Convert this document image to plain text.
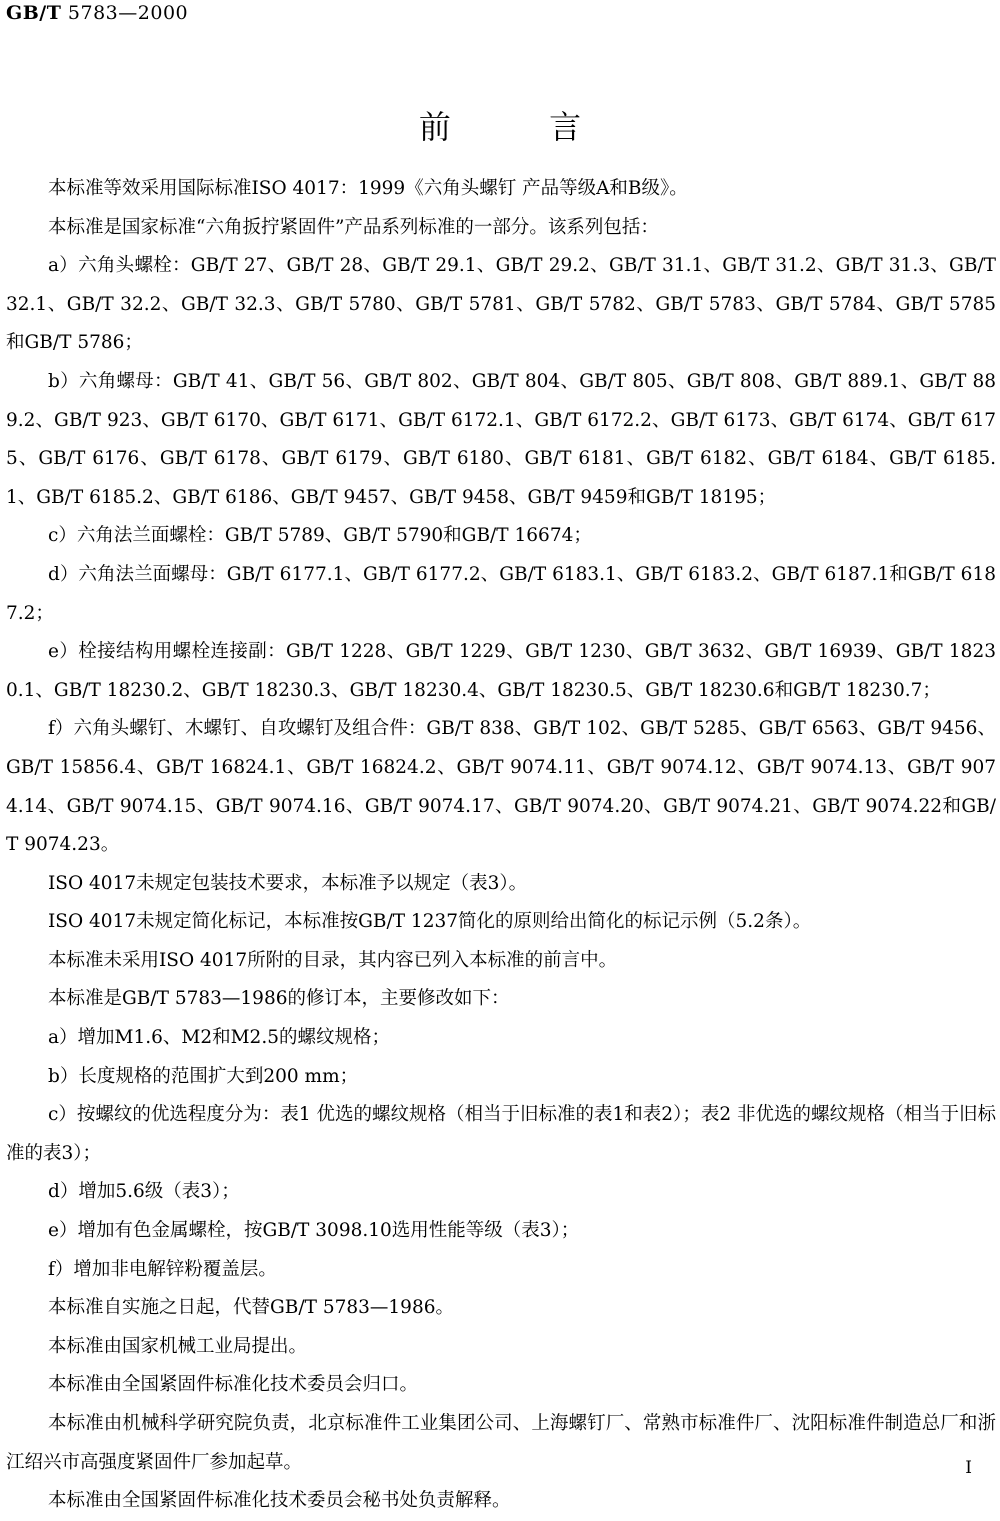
GB/T 5783—2000
前 言

本标准等效采用国际标准ISO 4017：1999《六角头螺钉 产品等级A和B级》。

本标准是国家标准“六角扳拧紧固件”产品系列标准的一部分。该系列包括：

a）六角头螺栓：GB/T 27、GB/T 28、GB/T 29.1、GB/T 29.2、GB/T 31.1、GB/T 31.2、GB/T 31.3、GB/T 32.1、GB/T 32.2、GB/T 32.3、GB/T 5780、GB/T 5781、GB/T 5782、GB/T 5783、GB/T 5784、GB/T 5785和GB/T 5786；

b）六角螺母：GB/T 41、GB/T 56、GB/T 802、GB/T 804、GB/T 805、GB/T 808、GB/T 889.1、GB/T 889.2、GB/T 923、GB/T 6170、GB/T 6171、GB/T 6172.1、GB/T 6172.2、GB/T 6173、GB/T 6174、GB/T 6175、GB/T 6176、GB/T 6178、GB/T 6179、GB/T 6180、GB/T 6181、GB/T 6182、GB/T 6184、GB/T 6185.1、GB/T 6185.2、GB/T 6186、GB/T 9457、GB/T 9458、GB/T 9459和GB/T 18195；

c）六角法兰面螺栓：GB/T 5789、GB/T 5790和GB/T 16674；

d）六角法兰面螺母：GB/T 6177.1、GB/T 6177.2、GB/T 6183.1、GB/T 6183.2、GB/T 6187.1和GB/T 6187.2；

e）栓接结构用螺栓连接副：GB/T 1228、GB/T 1229、GB/T 1230、GB/T 3632、GB/T 16939、GB/T 18230.1、GB/T 18230.2、GB/T 18230.3、GB/T 18230.4、GB/T 18230.5、GB/T 18230.6和GB/T 18230.7；

f）六角头螺钉、木螺钉、自攻螺钉及组合件：GB/T 838、GB/T 102、GB/T 5285、GB/T 6563、GB/T 9456、GB/T 15856.4、GB/T 16824.1、GB/T 16824.2、GB/T 9074.11、GB/T 9074.12、GB/T 9074.13、GB/T 9074.14、GB/T 9074.15、GB/T 9074.16、GB/T 9074.17、GB/T 9074.20、GB/T 9074.21、GB/T 9074.22和GB/T 9074.23。

ISO 4017未规定包装技术要求，本标准予以规定（表3）。

ISO 4017未规定简化标记，本标准按GB/T 1237简化的原则给出简化的标记示例（5.2条）。

本标准未采用ISO 4017所附的目录，其内容已列入本标准的前言中。

本标准是GB/T 5783—1986的修订本，主要修改如下：

a）增加M1.6、M2和M2.5的螺纹规格；

b）长度规格的范围扩大到200 mm；

c）按螺纹的优选程度分为：表1 优选的螺纹规格（相当于旧标准的表1和表2）；表2 非优选的螺纹规格（相当于旧标准的表3）；

d）增加5.6级（表3）；

e）增加有色金属螺栓，按GB/T 3098.10选用性能等级（表3）；

f）增加非电解锌粉覆盖层。

本标准自实施之日起，代替GB/T 5783—1986。

本标准由国家机械工业局提出。

本标准由全国紧固件标准化技术委员会归口。

本标准由机械科学研究院负责，北京标准件工业集团公司、上海螺钉厂、常熟市标准件厂、沈阳标准件制造总厂和浙江绍兴市高强度紧固件厂参加起草。

本标准由全国紧固件标准化技术委员会秘书处负责解释。

I
